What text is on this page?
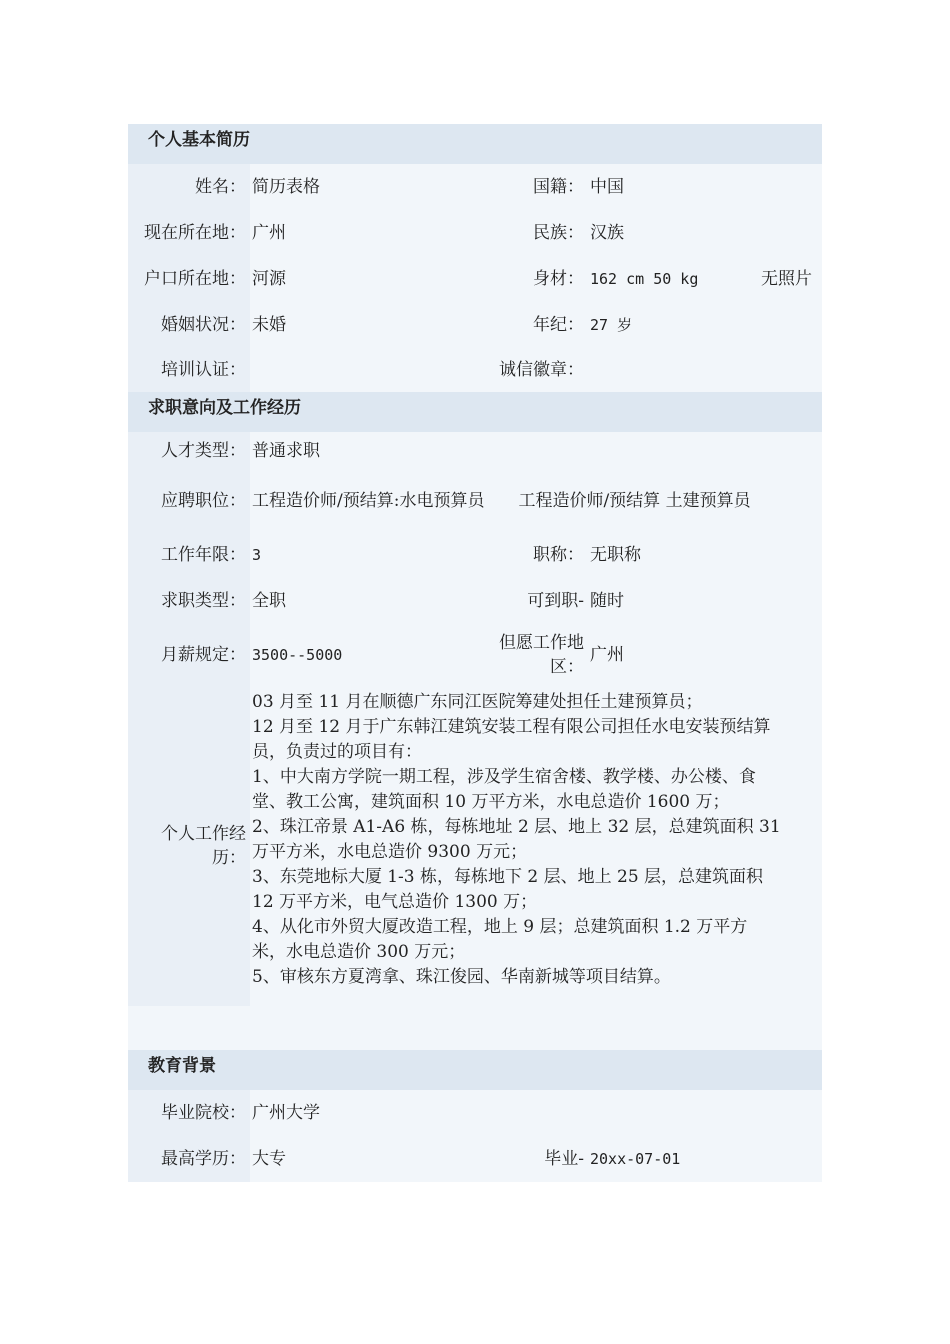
个人基本简历
姓名： 简历表格	国籍： 中国
现在所在地： 广州	民族： 汉族
户口所在地： 河源	身材： 162 cm 50 kg	无照片
婚姻状况： 未婚	年纪： 27 岁
培训认证：	诚信徽章：
求职意向及工作经历
人才类型： 普通求职
应聘职位： 工程造价师/预结算:水电预算员　　工程造价师/预结算 土建预算员
工作年限： 3	职称： 无职称
求职类型： 全职	可到职- 随时
月薪规定： 3500--5000
但愿工作地区：
广州
个人工作经历：
03 月至 11 月在顺德广东同江医院筹建处担任土建预算员；
12 月至 12 月于广东韩江建筑安装工程有限公司担任水电安装预结算
员，负责过的项目有：
1、中大南方学院一期工程，涉及学生宿舍楼、教学楼、办公楼、食
堂、教工公寓，建筑面积 10 万平方米，水电总造价 1600 万；
2、珠江帝景 A1-A6 栋，每栋地址 2 层、地上 32 层，总建筑面积 31
万平方米，水电总造价 9300 万元；
3、东莞地标大厦 1-3 栋，每栋地下 2 层、地上 25 层，总建筑面积
12 万平方米，电气总造价 1300 万；
4、从化市外贸大厦改造工程，地上 9 层；总建筑面积 1.2 万平方
米，水电总造价 300 万元；
5、审核东方夏湾拿、珠江俊园、华南新城等项目结算。
教育背景
毕业院校： 广州大学
最高学历： 大专	毕业- 20xx-07-01
